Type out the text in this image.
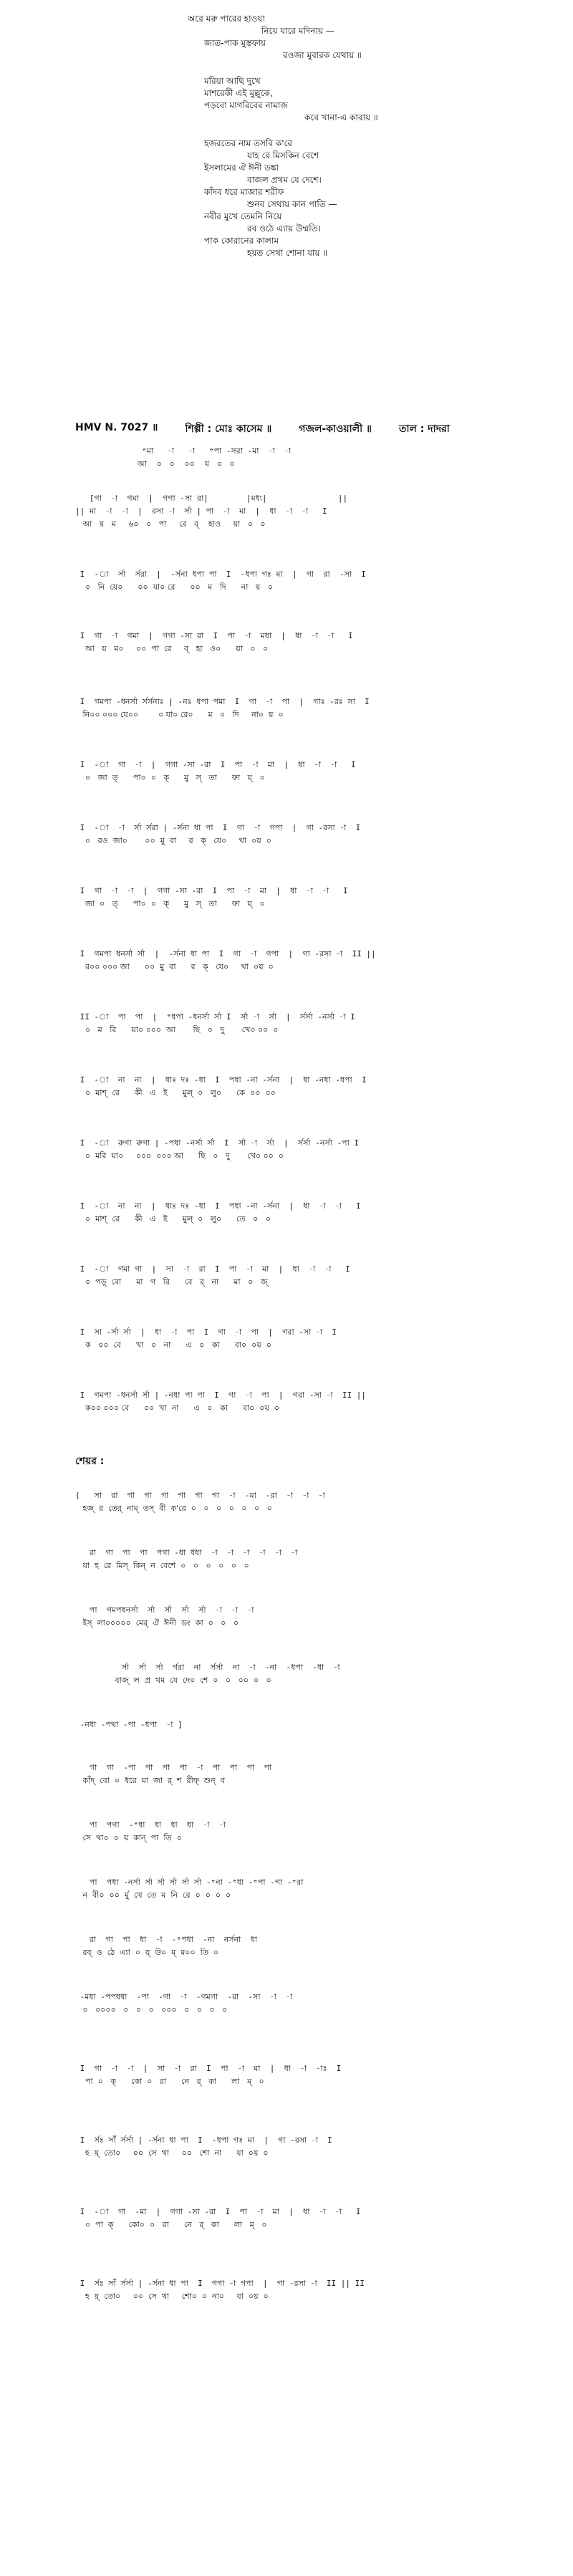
অরে মরু পারের হাওয়া
নিয়ে যারে মদিনায় —
জাত-পাক মুস্তফায়
রওজা মুবারক যেথায় ॥
মরিয়া আছি দুখে
মাশরেকী এই মুল্লুকে,
পড়বো মাগরিবের নামাজ
কবে খানা-এ কাবায় ॥
হজরতের নাম তসবি ক'রে
যাহ রে মিসকিন বেশে
ইসলামের ঐ ঈনী ডঙ্কা
বাজল প্রথম যে দেশে।
কাঁদব ধরে মাজার শরীফ
শুনব সেথায় কান পাতি —
নবীর মুখে তেমনি নিয়ে
রব ওঠে এ্যায় উম্মতি।
পাক কোরানের কালাম
হয়ত সেথা শোনা যায় ॥
HMV N. 7027 ॥	শিল্পী : মোঃ কাসেম ॥	গজল-কাওয়ালী ॥	তাল : দাদরা
ᵉমা   -া   -া   ᵉপা -সরা -মা  -া  -া
আ    ০   ০    ০০    য়   ০   ০
[গা  -া  গমা  |  গগা -সা রা|        |মধ্য|               ||
|| মা  -া  -া  |  রসা -া  র্সা | পা  -া  মা  |  ধা  -া  -া   I
আ   য়   ম     ৬০   ০   পা     রে   ব্    হাও     য়া   ০   ০
I  -া  র্সা  র্সরা  |  -র্সনা ধপা পা  I  -ধপা গঃ মা  |  গা  রা  -সা  I
০   নি  য়ে০      ০০  যা০ রে      ০০   ম   দি      না   য়   ০
I  গা  -া  গমা  |  গগা -সা রা  I  পা  -া  মধা  |  ধা  -া  -া   I
আ   য়   ম০     ০০  পা  রে     ব্   হা   ও০      য়া   ০   ০
I  গমপা -ধনর্সা র্সর্সনাঃ | -নঃ ধপা পমা  I  গা  -া  পা  |  গাঃ -রঃ সা  I
নি০০ ০০০ যে০০        ০ যা০ রে০      ম   ০   দি     না০  য়  ০
I  -া  গা  -া  |  গগা -সা -রা  I  পা  -া  মা  |  ধা  -া  -া   I
০   জা  ত্      পা০  ০   ক্      মু   স্   তা      ফা   য়্   ০
I  -া  -া  র্সা র্সরা | -র্সনা ধা পা  I  গা  -া  গপা  |  গা -রসা -া  I
০   রও  জা০       ০০  মু  বা     র   ক্   যে০     থা  ০য়  ০
I  গা  -া  -া  |  গগা -সা -রা  I  পা  -া  মা  |  ধা  -া  -া   I
জা  ০   ত্      পা০  ০   ক্      মু   স্   তা      ফা   য়্   ০
I  গমপা ধনর্সা র্সা  |  -র্সনা ধা পা  I  গা  -া  গপা  |  গা -রসা -া  II ||
র০০ ০০০ জা      ০০  মু  বা      র   ক্   যে০     থা  ০য়  ০
II -া  পা  পা  |  ᵉধপা -ধনর্সা র্সা I  র্সা -া  র্সা  |  র্সর্সা -নর্সা -া I
০   ম   রি      য়া০ ০০০  আ       ছি   ০   দু       খে০ ০০  ০
I  -া  না  না  |  ধাঃ দঃ -ধা  I  পধা -না -র্সনা  |  ধা -নধা -ধপা  I
০  মাশ্  রে      কী   এ   ই      মুল্  ০   লু০      কে  ০০  ০০
I  -া  রুগা রুগা | -পধা -নর্সা র্সা  I  র্সা -া  র্সা  |  র্সর্সা -নর্সা -পা I
০  মরি  য়া০     ০০০  ০০০ আ      ছি   ০   দু       খে০ ০০  ০
I  -া  না  না  |  ধাঃ দঃ -ধা  I  পধা -না -র্সনা  |  ধা  -া  -া   I
০  মাশ্  রে      কী   এ   ই      মুল্  ০   লু০      তে   ০   ০
I  -া  গমা গা  |  সা  -া  রা  I  পা  -া  মা  |  ধা  -া  -া   I
০  পড়্  বো      মা   গ   রি      বে   র্   না      মা   ০   জ্
I  সা -র্সা র্সা  |  ধা  -া  পা  I  গা  -া  পা  |  গরা -সা -া  I
ক   ০০  বে      খা   ০   না      এ   ০   কা      বা০  ০য়  ০
I  গমপা -ধনর্সা র্সা | -নধা পা পা  I  গা  -া  পা  |  গরা -সা -া  II ||
ক০০ ০০০ বে      ০০  খা  না      এ   ০   কা      বা০  ০য়  ০
শেয়র :
(   সা  রা  গা  গা  গা  গা  গা  গা  -া  -মা  -রা  -া  -া  -া
হজ্  র  তের্  নাম্  তস্  বী  ক'রে  ০   ০   ০   ০   ০   ০   ০
রা  গা  পা  পা  পগা -ধা ধধা  -া  -া  -া  -া  -া  -া
যা  হ  রে  মিস্  কিন্  ন  বেশে  ০   ০   ০   ০   ০   ০
পা  গমপধনর্সা  র্সা  র্সা  র্সা  র্সা  -া  -া  -া
ইস্  লা০০০০০  মের্  ঐ  ঈনী  ডং  কা  ০   ০   ০
র্সা  র্সা  র্সা  র্গরা  না  র্সর্সা  না  -া  -না  -ধপা  -ধা  -া
বাজ্  ল  প্র  থম  যে  দে০  শে  ০   ০   ০০  ০   ০
-নধা -পথা -পা -ধপা  -া ]
গা  গা  -পা  পা  পা  পা  -া  পা  পা  পা  পা
কাঁদ্  বো  ০  ধরে  মা  জা  র্  শ  রীফ্  শুন্  ব
পা  পগা  -ᵉধা  ধা  ধা  ধা  -া  -া
সে  থা০  ০  য়  কান্  পা  তি  ০
পা  পধা -নর্সা র্সা র্সা র্সা র্সা র্সা -ᵉনা -ᵉধা -ᵉপা -গা -ᵉরা
ন  বী০  ০০  র্মু  খে  তে  ম  নি  রে  ০  ০  ০  ০
রা  গা  পা  ধা  -া  -ᵉপধা  -না  নর্সনা  ধা
রব্  ও  ঠে  এ্যা  ০  য়্  উ০  ম্  ম০০  তি  ০
-মধা -পপধধা  -পা  -গা  -া  -গমগা  -রা  -সা  -া  -া
০   ০০০০   ০   ০   ০   ০০০   ০   ০   ০   ০
I  গা  -া  -া  |  সা  -া  রা  I  পা  -া  মা  |  ধা  -া  -াঃ  I
পা  ০   ক্      কো  ০   রা      নে   র্   কা      লা   ম্   ০
I  র্সঃ সাঁ র্সর্সা | -র্সনা ধা পা  I  -ধপা গঃ মা  |  গা -রসা -া  I
হ  য়্  তো০     ০০  সে  থা     ০০   শো  না      যা  ০য়  ০
I  -া  গা  -মা  |  গগা -সা -রা  I  পা  -া  মা  |  ধা  -া  -া   I
০  পা  ক্      কো০  ০   রা      নে   র্   কা      লা   ম্   ০
I  র্সঃ সাঁ র্সর্সা | -র্সনা ধা পা  I  গগা -া গপা  |  গা -রসা -া  II || II
হ  য়্  তো০     ০০  সে  থা     শো০  ০  না০     যা  ০য়  ০
